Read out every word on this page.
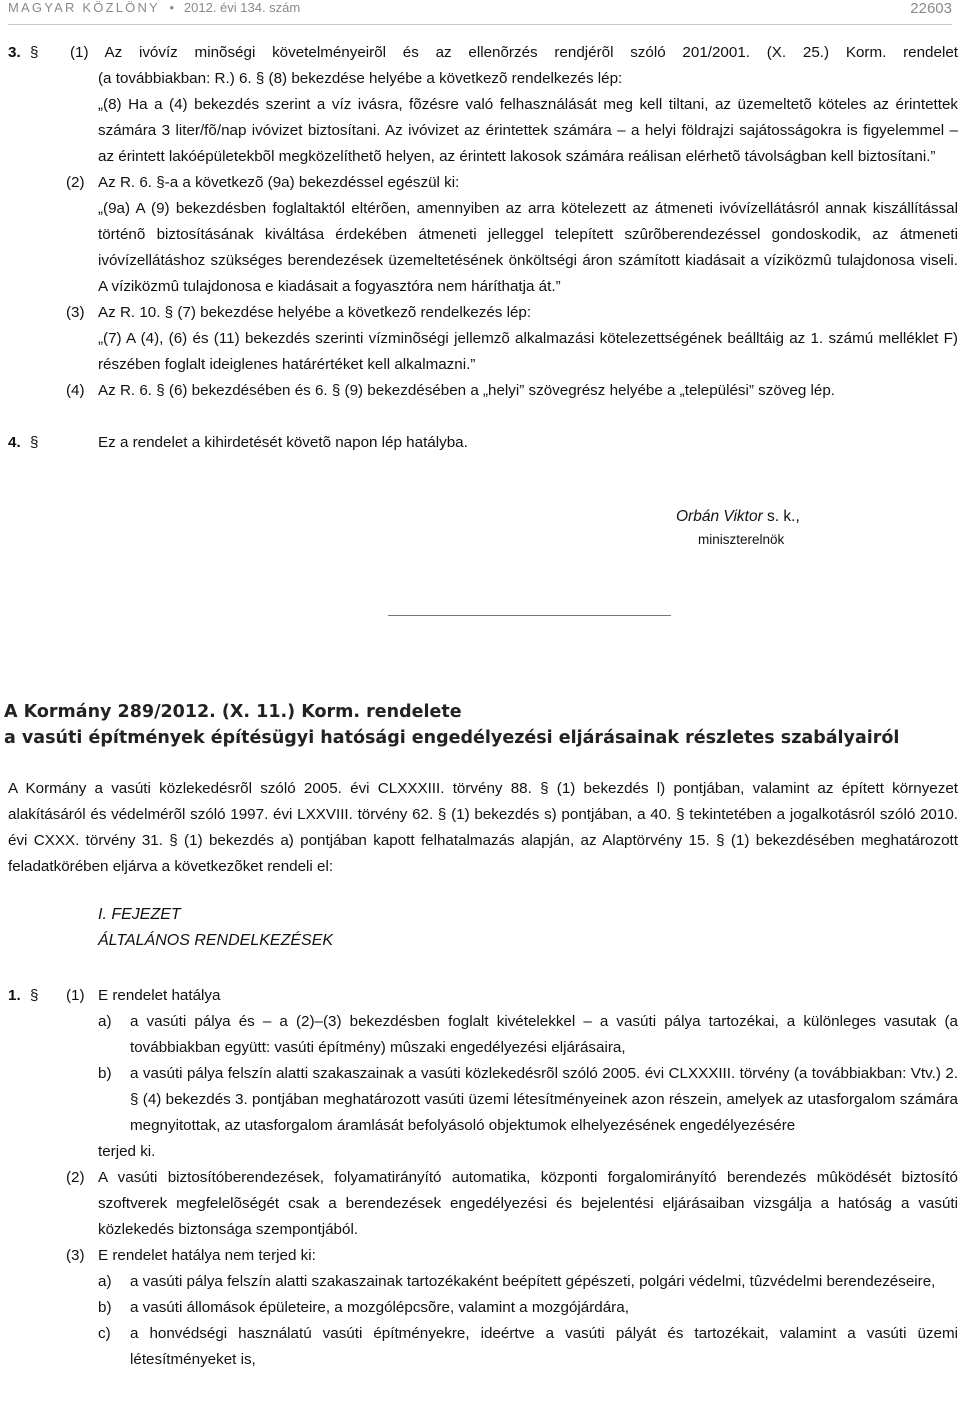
MAGYAR KÖZLÖNY • 2012. évi 134. szám	22603
3. § (1) Az ivóvíz minõségi követelményeirõl és az ellenõrzés rendjérõl szóló 201/2001. (X. 25.) Korm. rendelet
(a továbbiakban: R.) 6. § (8) bekezdése helyébe a következõ rendelkezés lép:
„(8) Ha a (4) bekezdés szerint a víz ivásra, fõzésre való felhasználását meg kell tiltani, az üzemeltetõ köteles az érintettek számára 3 liter/fõ/nap ivóvizet biztosítani. Az ivóvizet az érintettek számára – a helyi földrajzi sajátosságokra is figyelemmel – az érintett lakóépületekbõl megközelíthetõ helyen, az érintett lakosok számára reálisan elérhetõ távolságban kell biztosítani.”
(2) Az R. 6. §-a a következõ (9a) bekezdéssel egészül ki:
„(9a) A (9) bekezdésben foglaltaktól eltérõen, amennyiben az arra kötelezett az átmeneti ivóvízellátásról annak kiszállítással történõ biztosításának kiváltása érdekében átmeneti jelleggel telepített szûrõberendezéssel gondoskodik, az átmeneti ivóvízellátáshoz szükséges berendezések üzemeltetésének önköltségi áron számított kiadásait a víziközmû tulajdonosa viseli. A víziközmû tulajdonosa e kiadásait a fogyasztóra nem háríthatja át.”
(3) Az R. 10. § (7) bekezdése helyébe a következõ rendelkezés lép:
„(7) A (4), (6) és (11) bekezdés szerinti vízminõségi jellemzõ alkalmazási kötelezettségének beálltáig az 1. számú melléklet F) részében foglalt ideiglenes határértéket kell alkalmazni.”
(4) Az R. 6. § (6) bekezdésében és 6. § (9) bekezdésében a „helyi” szövegrész helyébe a „települési” szöveg lép.
4. §	Ez a rendelet a kihirdetését követõ napon lép hatályba.
Orbán Viktor s. k.,
miniszterelnök
A Kormány 289/2012. (X. 11.) Korm. rendelete
a vasúti építmények építésügyi hatósági engedélyezési eljárásainak részletes szabályairól
A Kormány a vasúti közlekedésrõl szóló 2005. évi CLXXXIII. törvény 88. § (1) bekezdés l) pontjában, valamint az épített környezet alakításáról és védelmérõl szóló 1997. évi LXXVIII. törvény 62. § (1) bekezdés s) pontjában, a 40. § tekintetében a jogalkotásról szóló 2010. évi CXXX. törvény 31. § (1) bekezdés a) pontjában kapott felhatalmazás alapján, az Alaptörvény 15. § (1) bekezdésében meghatározott feladatkörében eljárva a következõket rendeli el:
I. FEJEZET
ÁLTALÁNOS RENDELKEZÉSEK
1. § (1) E rendelet hatálya
a)	a vasúti pálya és – a (2)–(3) bekezdésben foglalt kivételekkel – a vasúti pálya tartozékai, a különleges vasutak (a továbbiakban együtt: vasúti építmény) mûszaki engedélyezési eljárásaira,
b)	a vasúti pálya felszín alatti szakaszainak a vasúti közlekedésrõl szóló 2005. évi CLXXXIII. törvény (a továbbiakban: Vtv.) 2. § (4) bekezdés 3. pontjában meghatározott vasúti üzemi létesítményeinek azon részein, amelyek az utasforgalom számára megnyitottak, az utasforgalom áramlását befolyásoló objektumok elhelyezésének engedélyezésére
terjed ki.
(2) A vasúti biztosítóberendezések, folyamatirányító automatika, központi forgalomirányító berendezés mûködését biztosító szoftverek megfelelõségét csak a berendezések engedélyezési és bejelentési eljárásaiban vizsgálja a hatóság a vasúti közlekedés biztonsága szempontjából.
(3) E rendelet hatálya nem terjed ki:
a)	a vasúti pálya felszín alatti szakaszainak tartozékaként beépített gépészeti, polgári védelmi, tûzvédelmi berendezéseire,
b)	a vasúti állomások épületeire, a mozgólépcsõre, valamint a mozgójárdára,
c)	a honvédségi használatú vasúti építményekre, ideértve a vasúti pályát és tartozékait, valamint a vasúti üzemi létesítményeket is,
